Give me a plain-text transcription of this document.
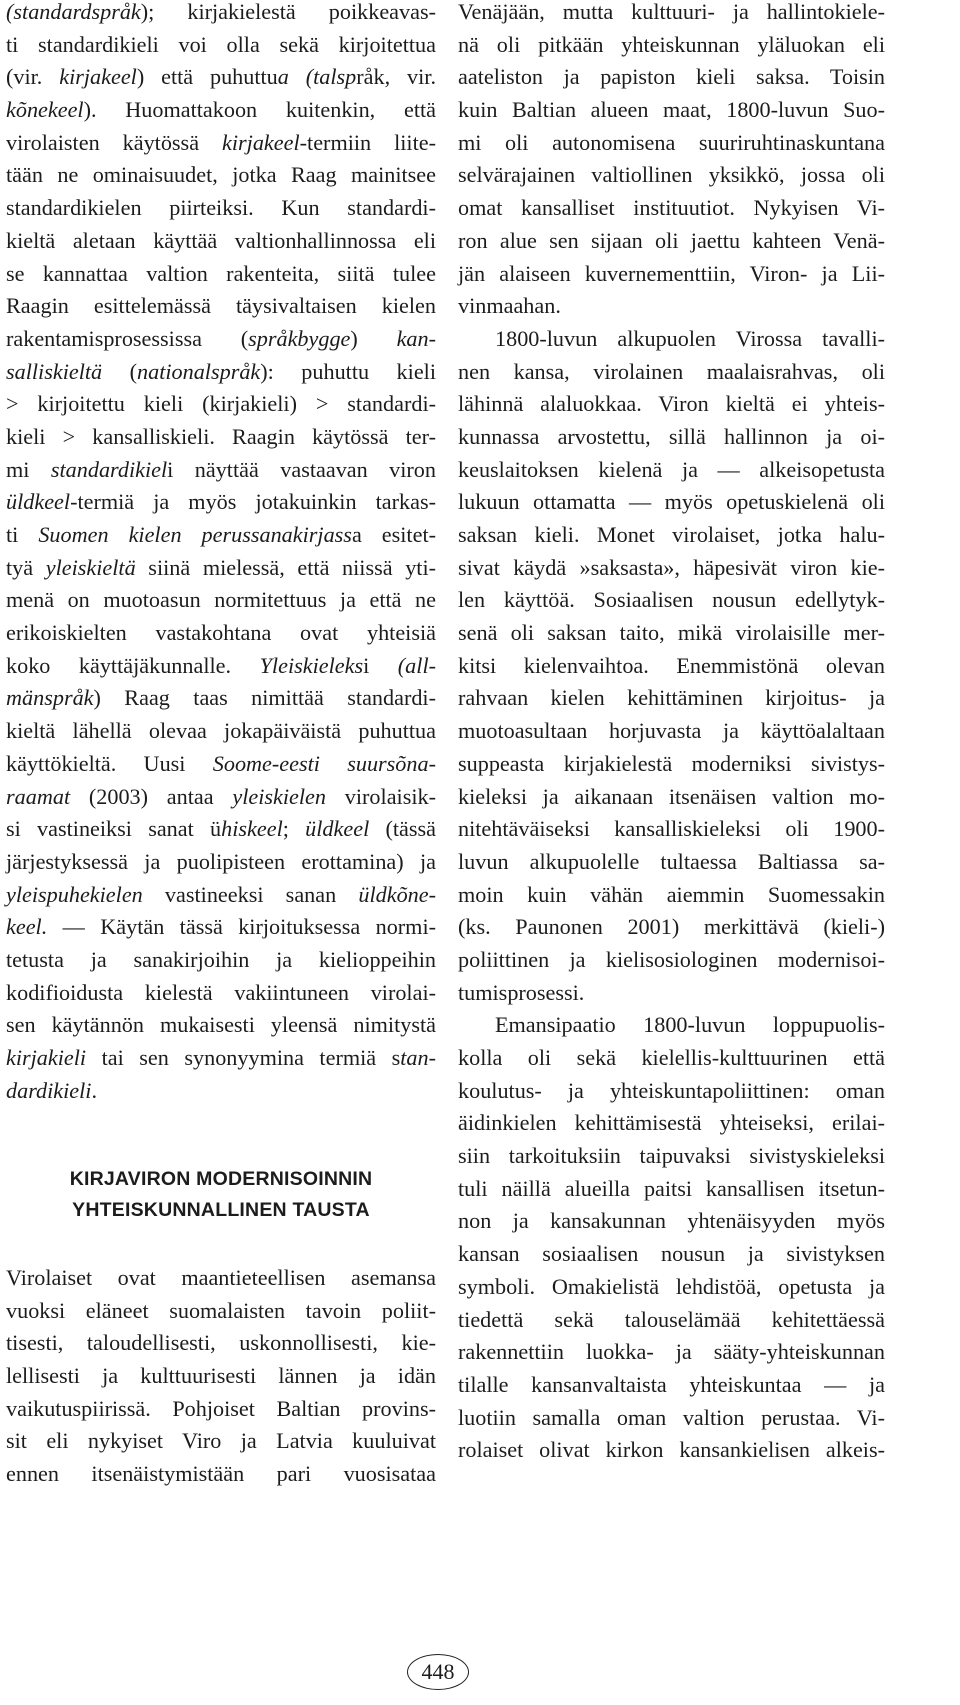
(standardspråk); kirjakielestä poikkeavas-
ti standardikieli voi olla sekä kirjoitettua
(vir. kirjakeel) että puhuttua (talspråk, vir.
kõnekeel). Huomattakoon kuitenkin, että
virolaisten käytössä kirjakeel-termiin liite-
tään ne ominaisuudet, jotka Raag mainitsee
standardikielen piirteiksi. Kun standardi-
kieltä aletaan käyttää valtionhallinnossa eli
se kannattaa valtion rakenteita, siitä tulee
Raagin esittelemässä täysivaltaisen kielen
rakentamisprosessissa (språkbygge) kan-
salliskieltä (nationalspråk): puhuttu kieli
> kirjoitettu kieli (kirjakieli) > standardi-
kieli > kansalliskieli. Raagin käytössä ter-
mi standardikieli näyttää vastaavan viron
üldkeel-termiä ja myös jotakuinkin tarkas-
ti Suomen kielen perussanakirjassa esitet-
tyä yleiskieltä siinä mielessä, että niissä yti-
menä on muotoasun normitettuus ja että ne
erikoiskielten vastakohtana ovat yhteisiä
koko käyttäjäkunnalle. Yleiskieleksi (all-
mänspråk) Raag taas nimittää standardi-
kieltä lähellä olevaa jokapäiväistä puhuttua
käyttökieltä. Uusi Soome-eesti suursõna-
raamat (2003) antaa yleiskielen virolaisik-
si vastineiksi sanat ühiskeel; üldkeel (tässä
järjestyksessä ja puolipisteen erottamina) ja
yleispuhekielen vastineeksi sanan üldkõne-
keel. — Käytän tässä kirjoituksessa normi-
tetusta ja sanakirjoihin ja kielioppeihin
kodifioidusta kielestä vakiintuneen virolai-
sen käytännön mukaisesti yleensä nimitystä
kirjakieli tai sen synonyymina termiä stan-
dardikieli.
KIRJAVIRON MODERNISOINNIN
YHTEISKUNNALLINEN TAUSTA
Virolaiset ovat maantieteellisen asemansa
vuoksi eläneet suomalaisten tavoin poliit-
tisesti, taloudellisesti, uskonnollisesti, kie-
lellisesti ja kulttuurisesti lännen ja idän
vaikutuspiirissä. Pohjoiset Baltian provins-
sit eli nykyiset Viro ja Latvia kuuluivat
ennen itsenäistymistään pari vuosisataa
Venäjään, mutta kulttuuri- ja hallintokiele-
nä oli pitkään yhteiskunnan yläluokan eli
aateliston ja papiston kieli saksa. Toisin
kuin Baltian alueen maat, 1800-luvun Suo-
mi oli autonomisena suuriruhtinaskuntana
selvärajainen valtiollinen yksikkö, jossa oli
omat kansalliset instituutiot. Nykyisen Vi-
ron alue sen sijaan oli jaettu kahteen Venä-
jän alaiseen kuvernementtiin, Viron- ja Lii-
vinmaahan.
1800-luvun alkupuolen Virossa tavalli-
nen kansa, virolainen maalaisrahvas, oli
lähinnä alaluokkaa. Viron kieltä ei yhteis-
kunnassa arvostettu, sillä hallinnon ja oi-
keuslaitoksen kielenä ja — alkeisopetusta
lukuun ottamatta — myös opetuskielenä oli
saksan kieli. Monet virolaiset, jotka halu-
sivat käydä »saksasta», häpesivät viron kie-
len käyttöä. Sosiaalisen nousun edellytyk-
senä oli saksan taito, mikä virolaisille mer-
kitsi kielenvaihtoa. Enemmistönä olevan
rahvaan kielen kehittäminen kirjoitus- ja
muotoasultaan horjuvasta ja käyttöalaltaan
suppeasta kirjakielestä moderniksi sivistys-
kieleksi ja aikanaan itsenäisen valtion mo-
nitehtäväiseksi kansalliskieleksi oli 1900-
luvun alkupuolelle tultaessa Baltiassa sa-
moin kuin vähän aiemmin Suomessakin
(ks. Paunonen 2001) merkittävä (kieli-)
poliittinen ja kielisosiologinen modernisoi-
tumisprosessi.
Emansipaatio 1800-luvun loppupuolis-
kolla oli sekä kielellis-kulttuurinen että
koulutus- ja yhteiskuntapoliittinen: oman
äidinkielen kehittämisestä yhteiseksi, erilai-
siin tarkoituksiin taipuvaksi sivistyskieleksi
tuli näillä alueilla paitsi kansallisen itsetun-
non ja kansakunnan yhtenäisyyden myös
kansan sosiaalisen nousun ja sivistyksen
symboli. Omakielistä lehdistöä, opetusta ja
tiedettä sekä talouselämää kehitettäessä
rakennettiin luokka- ja sääty-yhteiskunnan
tilalle kansanvaltaista yhteiskuntaa — ja
luotiin samalla oman valtion perustaa. Vi-
rolaiset olivat kirkon kansankielisen alkeis-
448
